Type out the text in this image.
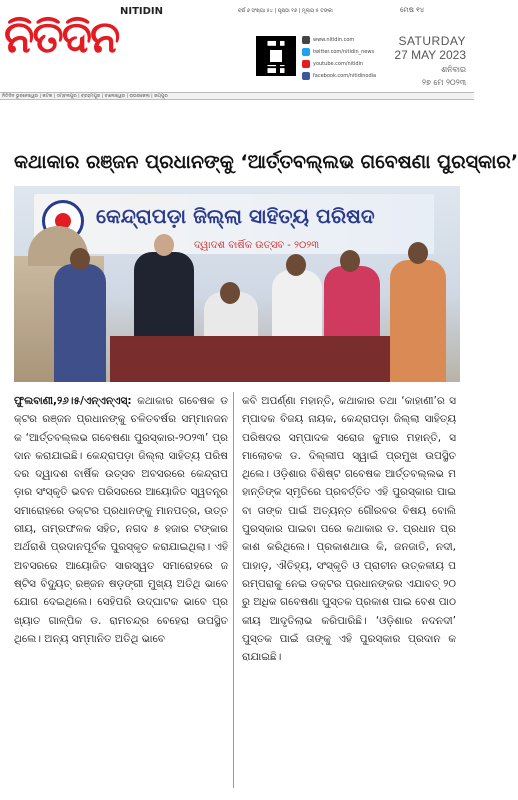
ନିତିଦିନ
NITIDIN	ବର୍ଷ ୬ ସଂଖ୍ୟା ୫୪ | ପୃଷ୍ଠା ୧୬ | ମୂଲ୍ୟ ୫ ଟଙ୍କା	ମେଷ ୧୪
www.nitidin.com
twitter.com/nitidin_news
youtube.com/nitidin
facebook.com/nitidinodia
SATURDAY
27 MAY 2023
ଶନିବାର
୨୭ ମେ ୨୦୨୩
ନିତିଦିନ ଭୁବନେଶ୍ୱର | କଟକ | ସମ୍ବଲପୁର | ବ୍ରହ୍ମପୁର | ବାଲେଶ୍ୱର | ରାଉରକେଲା | ଜୟପୁର
କଥାକାର ରଞ୍ଜନ ପ୍ରଧାନଙ୍କୁ ‘ଆର୍ତ୍ତବଲ୍ଲଭ ଗବେଷଣା ପୁରସ୍କାର’
କେନ୍ଦ୍ରାପଡ଼ା ଜିଲ୍ଲା ସାହିତ୍ୟ ପରିଷଦ
ଦ୍ୱାଦଶ ବାର୍ଷିକ ଉତ୍ସବ - ୨୦୨୩
ଫୁଲବାଣୀ,୨୬।୫/ଏନ୍‌ଏନ୍‌ଏସ୍‌: କଥାକାର ଗବେଷକ ଡକ୍ଟର ରଞ୍ଜନ ପ୍ରଧାନଙ୍କୁ ଚଳିତବର୍ଷର ସମ୍ମାନଜନକ ‘ଆର୍ତ୍ତବଲ୍ଲଭ ଗବେଷଣା ପୁରସ୍କାର-୨୦୨୩’ ପ୍ରଦାନ କରାଯାଇଛି। କେନ୍ଦ୍ରାପଡ଼ା ଜିଲ୍ଲା ସାହିତ୍ୟ ପରିଷଦର ଦ୍ୱାଦଶ ବାର୍ଷିକ ଉତ୍ସବ ଅବସରରେ କେନ୍ଦ୍ରାପଡ଼ାର ସଂସ୍କୃତି ଭବନ ପରିସରରେ ଆୟୋଜିତ ସ୍ୱତନ୍ତ୍ର ସମାରୋହରେ ଡକ୍ଟର ପ୍ରଧାନଙ୍କୁ ମାନପତ୍ର, ଉତ୍ତରୀୟ, ତାମ୍ରଫଳକ ସହିତ, ନଗଦ ୫ ହଜାର ଟଙ୍କାର ଅର୍ଥରାଶି ପ୍ରଦାନପୂର୍ବକ ପୁରସ୍କୃତ କରାଯାଇଥିଲା। ଏହି ଅବସରରେ ଆୟୋଜିତ ସାରସ୍ୱତ ସମାରୋହରେ ଜଷ୍ଟିସ ବିଦ୍ୟୁତ୍ ରଞ୍ଜନ ଷଡ଼ଙ୍ଗୀ ମୁଖ୍ୟ ଅତିଥି ଭାବେ ଯୋଗ ଦେଇଥିଲେ। ସେହିପରି ଉଦ୍‌ଘାଟକ ଭାବେ ପ୍ରଖ୍ୟାତ ଗାଳ୍ପିକ ଡ. ରାମଚନ୍ଦ୍ର ବେହେରା ଉପସ୍ଥିତ ଥିଲେ। ଅନ୍ୟ ସମ୍ମାନିତ ଅତିଥି ଭାବେ
କବି ଅପର୍ଣ୍ଣା ମହାନ୍ତି, କଥାକାର ତଥା ‘କାହାଣୀ’ର ସମ୍ପାଦକ ବିଜୟ ନାୟକ, କେନ୍ଦ୍ରାପଡ଼ା ଜିଲ୍ଲା ସାହିତ୍ୟ ପରିଷଦର ସମ୍ପାଦକ ସରୋଜ କୁମାର ମହାନ୍ତି, ସମାଲୋଚକ ଡ. ଦିଲ୍ଲୀପ ସ୍ୱାଇଁ ପ୍ରମୁଖ ଉପସ୍ଥିତ ଥିଲେ। ଓଡ଼ିଶାର ବିଶିଷ୍ଟ ଗବେଷକ ଆର୍ତ୍ତବଲ୍ଲଭ ମହାନ୍ତିଙ୍କ ସ୍ମୃତିରେ ପ୍ରବର୍ତ୍ତିତ ଏହି ପୁରସ୍କାର ପାଇବା ତାଙ୍କ ପାଇଁ ଅତ୍ୟନ୍ତ ଗୌରବର ବିଷୟ ବୋଲି ପୁରସ୍କାର ପାଇବା ପରେ କଥାକାର ଡ. ପ୍ରଧାନ ପ୍ରକାଶ କରିଥିଲେ। ପ୍ରକାଶଥାଉ କି, ଜନଜାତି, ନଦୀ, ପାହାଡ଼, ଐତିହ୍ୟ, ସଂସ୍କୃତି ଓ ପ୍ରାଚୀନ ଉତ୍କଳୀୟ ପରମ୍ପରାକୁ ନେଇ ଡକ୍ଟର ପ୍ରଧାନଙ୍କର ଏଯାବତ୍ ୨୦ରୁ ଅଧିକ ଗବେଷଣା ପୁସ୍ତକ ପ୍ରକାଶ ପାଇ ବେଶ ପାଠକୀୟ ଆଦୃତିଲାଭ କରିପାରିଛି। ‘ଓଡ଼ିଶାର ନଦନଦୀ’ ପୁସ୍ତକ ପାଇଁ ତାଙ୍କୁ ଏହି ପୁରସ୍କାର ପ୍ରଦାନ କରାଯାଇଛି।
